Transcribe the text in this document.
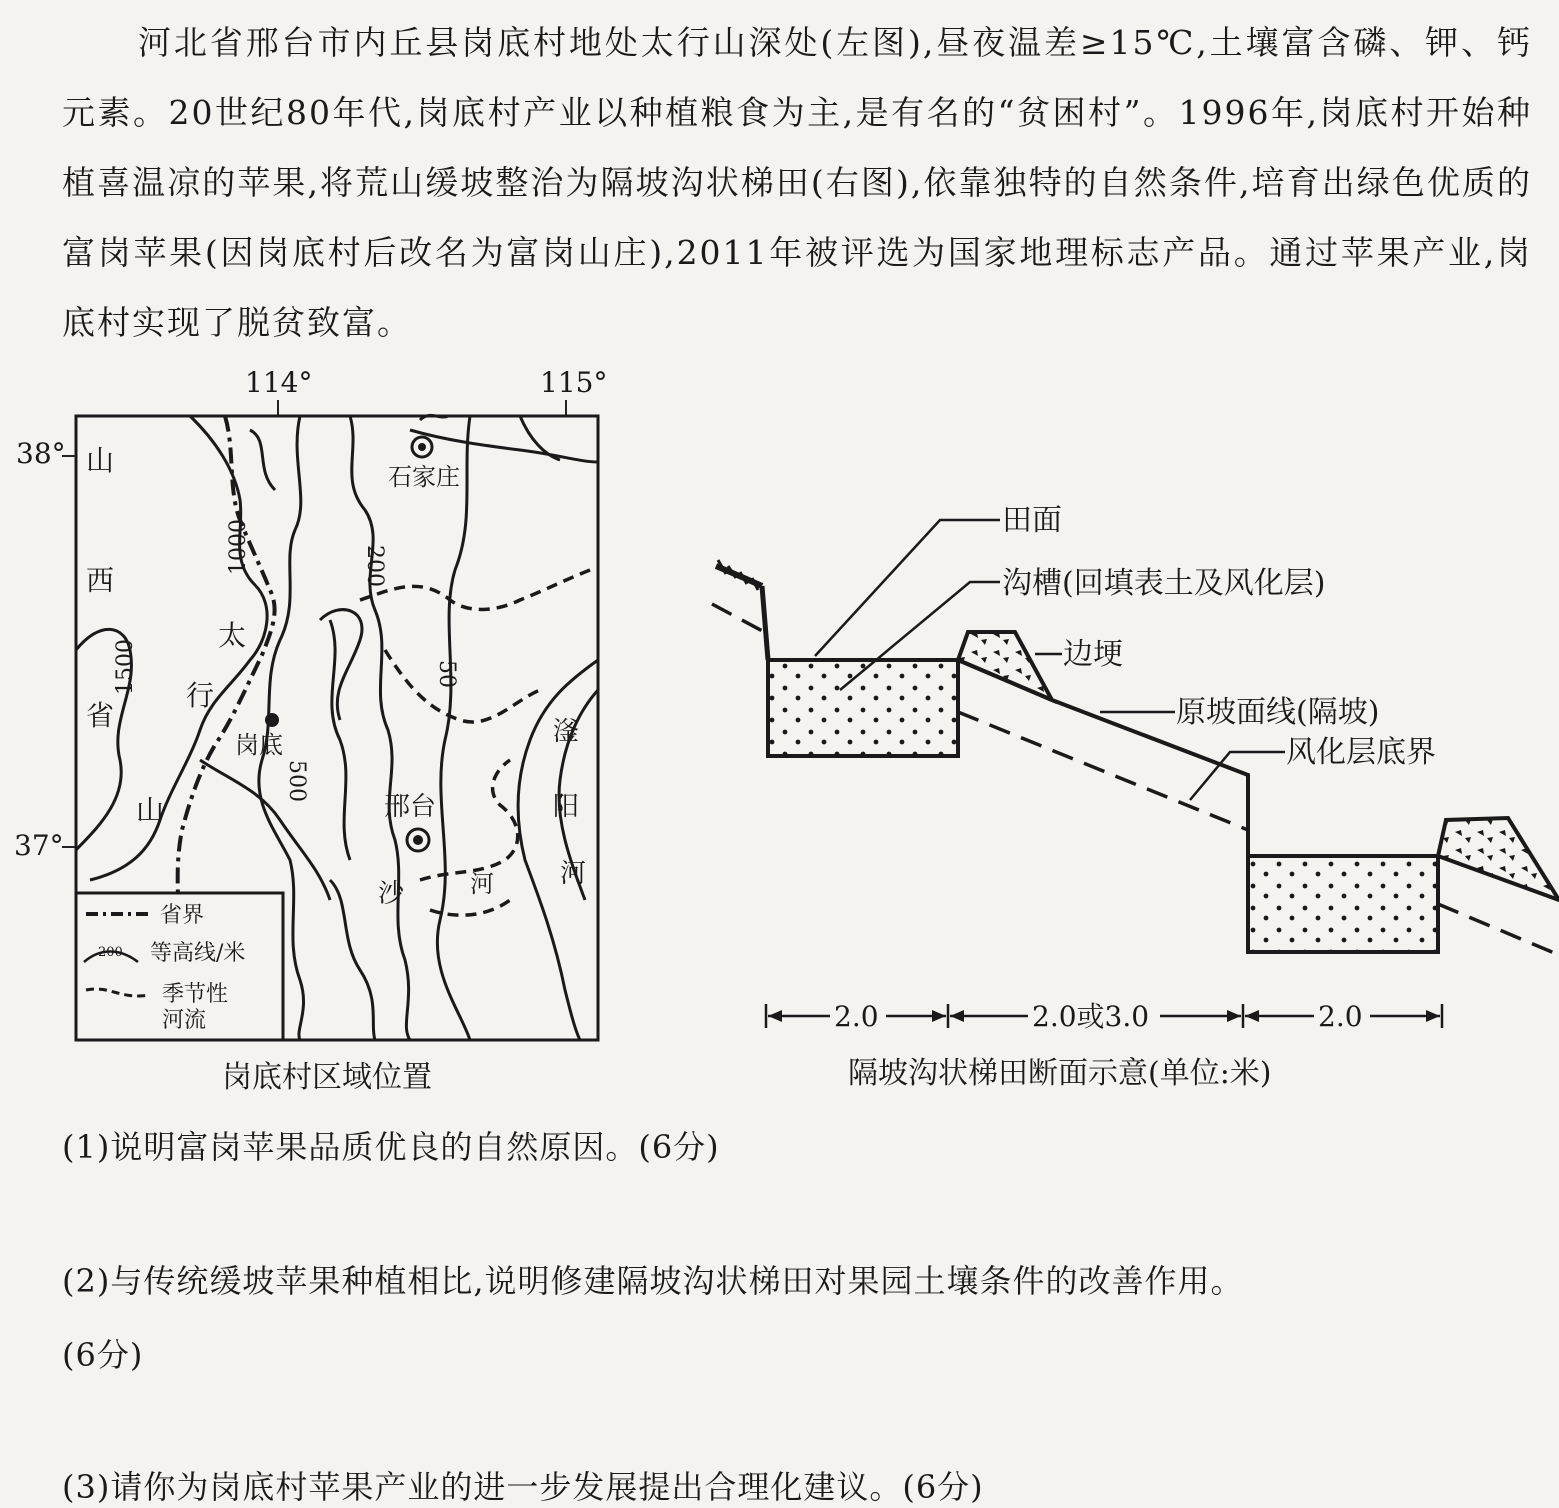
河北省邢台市内丘县岗底村地处太行山深处(左图),昼夜温差≥15℃,土壤富含磷、钾、钙元素。20世纪80年代,岗底村产业以种植粮食为主,是有名的“贫困村”。1996年,岗底村开始种植喜温凉的苹果,将荒山缓坡整治为隔坡沟状梯田(右图),依靠独特的自然条件,培育出绿色优质的富岗苹果(因岗底村后改名为富岗山庄),2011年被评选为国家地理标志产品。通过苹果产业,岗底村实现了脱贫致富。

114°	115°
38°
37°
石家庄
邢台
岗底
山
西
省
山
太
行
沙	河
滏
阳
河
1000
1500
500
200
50
省界
200 等高线/米
季节性
河流
岗底村区域位置
田面
沟槽(回填表土及风化层)
边埂
原坡面线(隔坡)
风化层底界
2.0	2.0或3.0	2.0
隔坡沟状梯田断面示意(单位:米)

(1)说明富岗苹果品质优良的自然原因。(6分)

(2)与传统缓坡苹果种植相比,说明修建隔坡沟状梯田对果园土壤条件的改善作用。

(6分)

(3)请你为岗底村苹果产业的进一步发展提出合理化建议。(6分)
